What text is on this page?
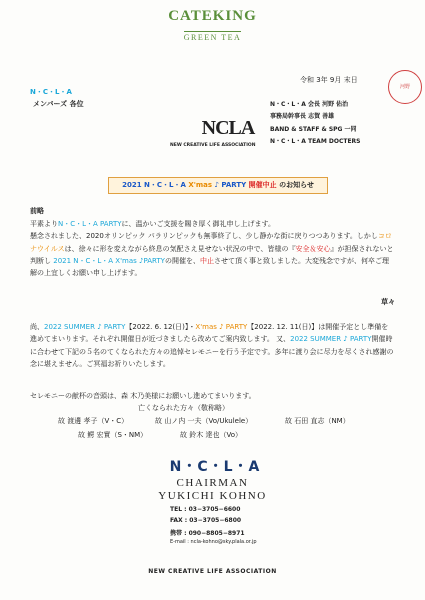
CATEKING
GREEN TEA
令和 3年 9月 末日
河野
N・C・L・A
メンバーズ 各位	N・C・L・A 会長 河野 佑治
事務局幹事長 志賀 善雄
BAND & STAFF & SPG 一同
N・C・L・A TEAM DOCTERS
NCLA
NEW CREATIVE LIFE ASSOCIATION
2021 N・C・L・A X'mas ♪ PARTY 開催中止 のお知らせ
前略
平素よりN・C・L・A PARTYに、温かいご支援を賜き厚く御礼申し上げます。
懸念されました、2020オリンピック パラリンピックも無事終了し、少し静かな街に戻りつつあります。しかしコロナウイルスは、徐々に形を変えながら終息の気配さえ見せない状況の中で、皆様の『安全＆安心』が担保されないと判断し 2021 N・C・L・A X'mas ♪PARTYの開催を、中止させて頂く事と致しました。大変残念ですが、何卒ご理解の上宜しくお願い申し上げます。
草々
尚、2022 SUMMER ♪ PARTY【2022. 6. 12(日)】・X'mas ♪ PARTY【2022. 12. 11(日)】は開催予定とし準備を進めてまいります。それぞれ開催日が近づきましたら改めてご案内致します。 又、2022 SUMMER ♪ PARTY開催時に合わせて下記の５名のてくなられた方々の追悼セレモニーを行う予定です。多年に渡り会に尽力を尽くされ感謝の念に堪えません。ご冥福お祈りいたします。
セレモニーの献杯の音頭は、森 木乃美様にお願いし進めてまいります。
亡くなられた方々（敬称略）
故 渡邊 孝子（V・C）	故 山ノ内 一夫（Vo/Ukulele）	故 石田 直志（NM）
故 鰐 宏實（S・NM）	故 鈴木 達也（Vo）
N・C・L・A
CHAIRMAN
YUKICHI KOHNO
TEL : 03−3705−6600
FAX : 03−3705−6800
携帯 : 090−8805−8971
E-mail : ncla-kohno@sky.plala.or.jp
NEW CREATIVE LIFE ASSOCIATION
